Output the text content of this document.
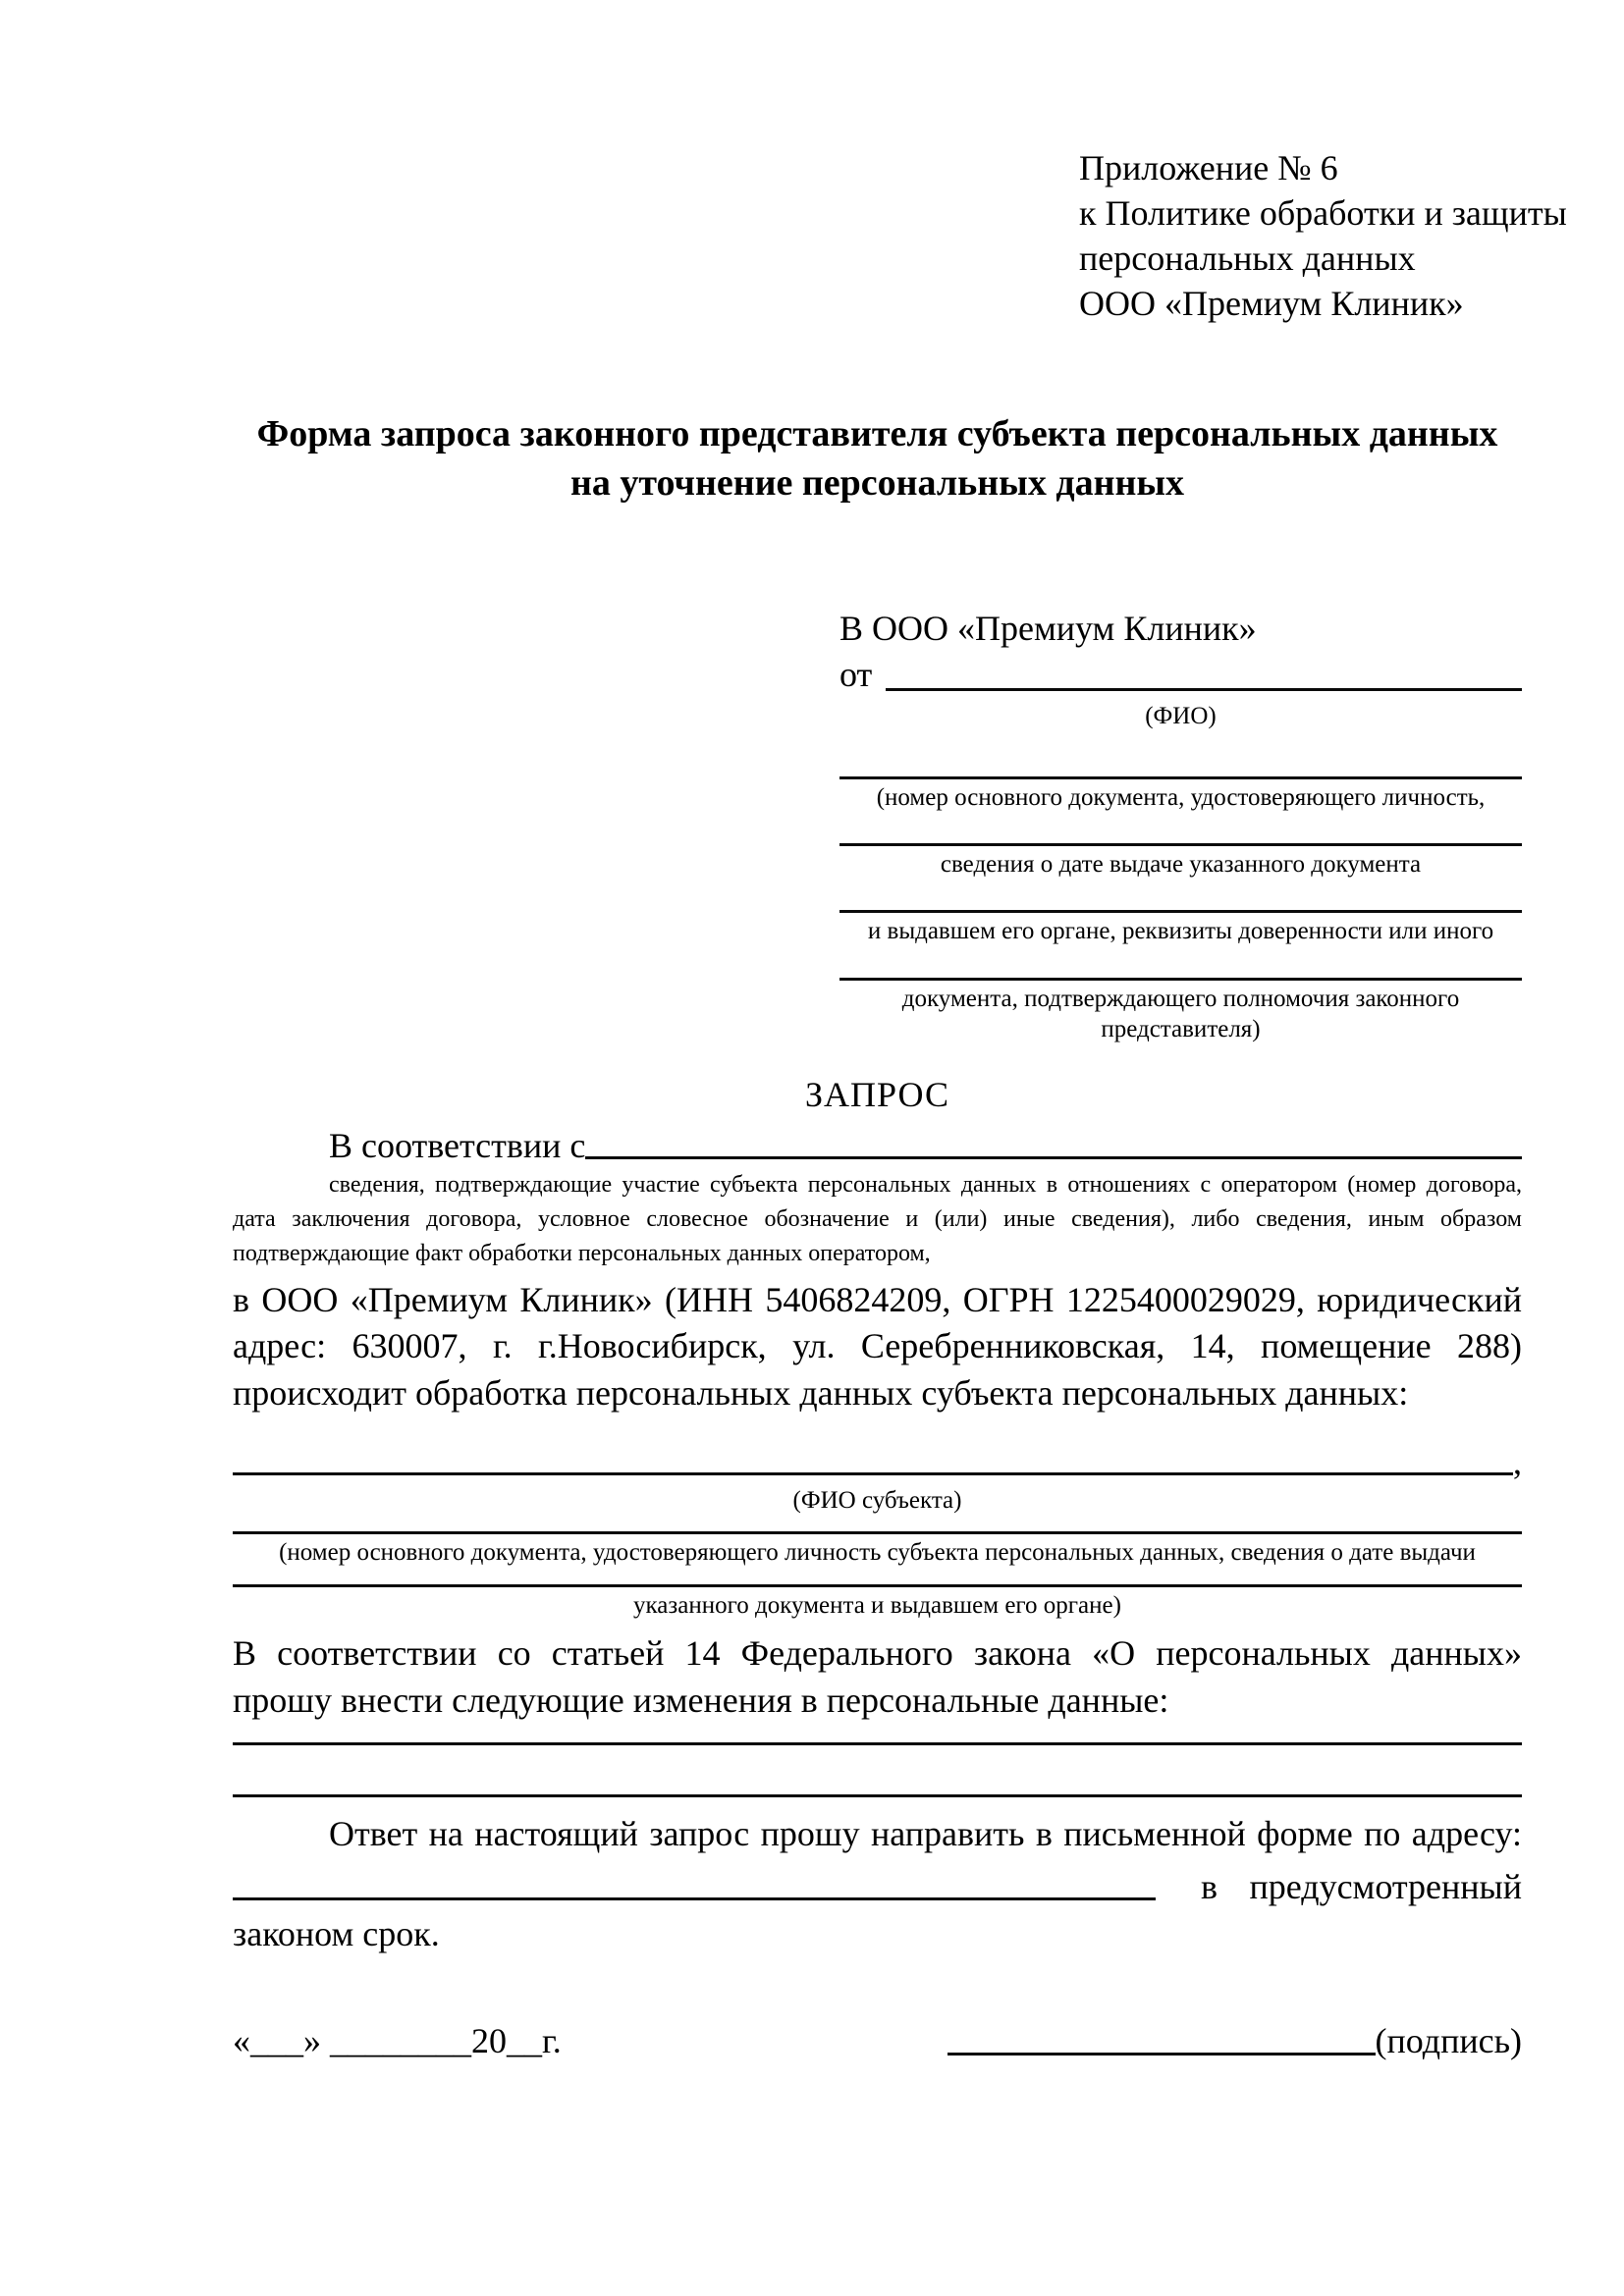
Приложение № 6
к Политике обработки и защиты
персональных данных
ООО «Премиум Клиник»
Форма запроса законного представителя субъекта персональных данных
на уточнение персональных данных
В ООО «Премиум Клиник»
от
(ФИО)
(номер основного документа, удостоверяющего личность,
сведения о дате выдаче указанного документа
и выдавшем его органе, реквизиты доверенности или иного
документа, подтверждающего полномочия законного представителя)
ЗАПРОС
В соответствии с

сведения, подтверждающие участие субъекта персональных данных в отношениях с оператором (номер договора, дата заключения договора, условное словесное обозначение и (или) иные сведения), либо сведения, иным образом подтверждающие факт обработки персональных данных оператором,

в ООО «Премиум Клиник» (ИНН 5406824209, ОГРН 1225400029029, юридический адрес: 630007, г. г.Новосибирск, ул. Серебренниковская, 14, помещение 288) происходит обработка персональных данных субъекта персональных данных:

,
(ФИО субъекта)
(номер основного документа, удостоверяющего личность субъекта персональных данных, сведения о дате выдачи
указанного документа и выдавшем его органе)

В соответствии со статьей 14 Федерального закона «О персональных данных» прошу внести следующие изменения в персональные данные:

Ответ на настоящий запрос прошу направить в письменной форме по адресу:

в предусмотренный

законом срок.

«___» ________20__г.	(подпись)
